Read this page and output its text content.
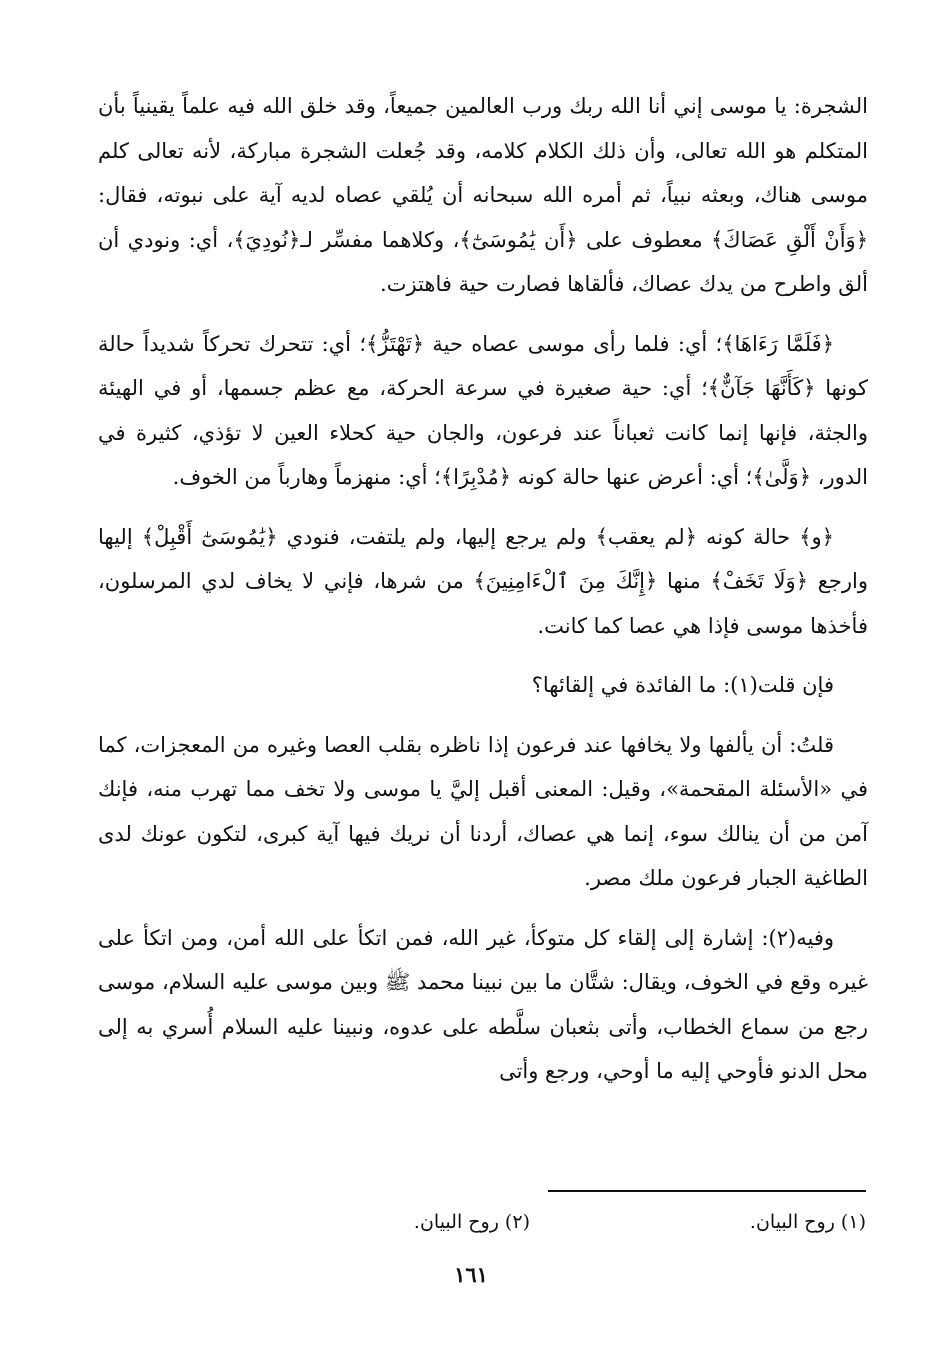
الشجرة: يا موسى إني أنا الله ربك ورب العالمين جميعاً، وقد خلق الله فيه علماً يقينياً بأن المتكلم هو الله تعالى، وأن ذلك الكلام كلامه، وقد جُعلت الشجرة مباركة، لأنه تعالى كلم موسى هناك، وبعثه نبياً، ثم أمره الله سبحانه أن يُلقي عصاه لديه آية على نبوته، فقال: ﴿وَأَنْ أَلْقِ عَصَاكَ﴾ معطوف على ﴿أَن يَٰمُوسَىٰٓ﴾، وكلاهما مفسِّر لـ﴿نُودِيَ﴾، أي: ونودي أن ألق واطرح من يدك عصاك، فألقاها فصارت حية فاهتزت.

﴿فَلَمَّا رَءَاهَا﴾؛ أي: فلما رأى موسى عصاه حية ﴿تَهْتَزُّ﴾؛ أي: تتحرك تحركاً شديداً حالة كونها ﴿كَأَنَّهَا جَآنٌّ﴾؛ أي: حية صغيرة في سرعة الحركة، مع عظم جسمها، أو في الهيئة والجثة، فإنها إنما كانت ثعباناً عند فرعون، والجان حية كحلاء العين لا تؤذي، كثيرة في الدور، ﴿وَلَّىٰ﴾؛ أي: أعرض عنها حالة كونه ﴿مُدْبِرًا﴾؛ أي: منهزماً وهارباً من الخوف.

﴿و﴾ حالة كونه ﴿لم يعقب﴾ ولم يرجع إليها، ولم يلتفت، فنودي ﴿يَٰمُوسَىٰٓ أَقْبِلْ﴾ إليها وارجع ﴿وَلَا تَخَفْ﴾ منها ﴿إِنَّكَ مِنَ ٱلْءَامِنِينَ﴾ من شرها، فإني لا يخاف لدي المرسلون، فأخذها موسى فإذا هي عصا كما كانت.

فإن قلت(١): ما الفائدة في إلقائها؟

قلتُ: أن يألفها ولا يخافها عند فرعون إذا ناظره بقلب العصا وغيره من المعجزات، كما في «الأسئلة المقحمة»، وقيل: المعنى أقبل إليَّ يا موسى ولا تخف مما تهرب منه، فإنك آمن من أن ينالك سوء، إنما هي عصاك، أردنا أن نريك فيها آية كبرى، لتكون عونك لدى الطاغية الجبار فرعون ملك مصر.

وفيه(٢): إشارة إلى إلقاء كل متوكأ، غير الله، فمن اتكأ على الله أمن، ومن اتكأ على غيره وقع في الخوف، ويقال: شتَّان ما بين نبينا محمد ﷺ وبين موسى عليه السلام، موسى رجع من سماع الخطاب، وأتى بثعبان سلَّطه على عدوه، ونبينا عليه السلام أُسري به إلى محل الدنو فأوحي إليه ما أوحي، ورجع وأتى

(١) روح البيان.
(٢) روح البيان.
١٦١
